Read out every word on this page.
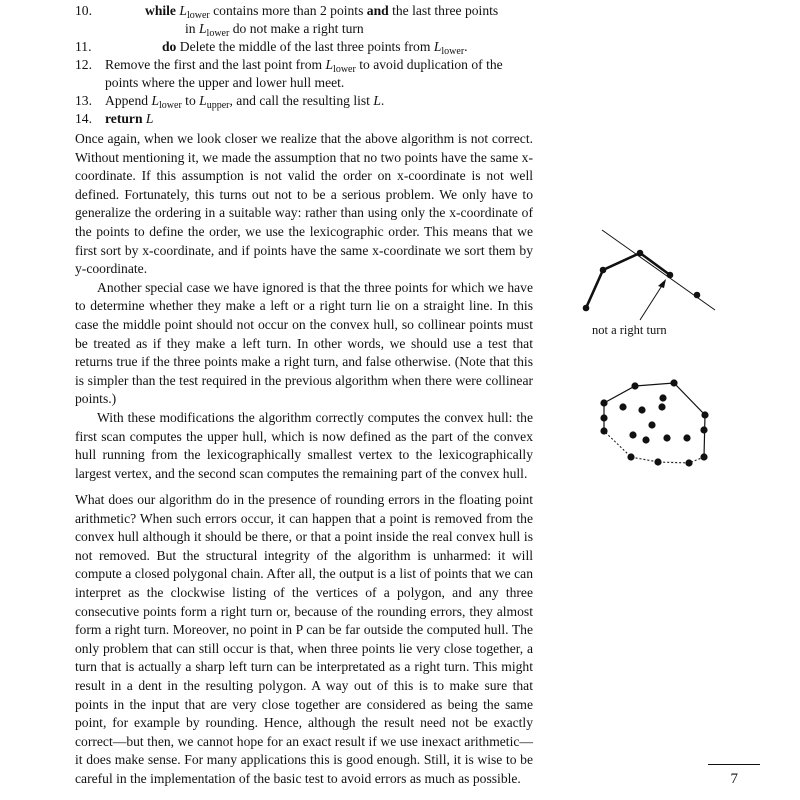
10.	while $L_{lower}$ contains more than 2 points and the last three points
in $L_{lower}$ do not make a right turn
11.	do Delete the middle of the last three points from $L_{lower}$.
12. Remove the first and the last point from $L_{lower}$ to avoid duplication of the
points where the upper and lower hull meet.
13. Append $L_{lower}$ to $L_{upper}$, and call the resulting list L.
14. return L

Once again, when we look closer we realize that the above algorithm is not correct. Without mentioning it, we made the assumption that no two points have the same x-coordinate. If this assumption is not valid the order on x-coordinate is not well defined. Fortunately, this turns out not to be a serious problem. We only have to generalize the ordering in a suitable way: rather than using only the x-coordinate of the points to define the order, we use the lexicographic order. This means that we first sort by x-coordinate, and if points have the same x-coordinate we sort them by y-coordinate.

Another special case we have ignored is that the three points for which we have to determine whether they make a left or a right turn lie on a straight line. In this case the middle point should not occur on the convex hull, so collinear points must be treated as if they make a left turn. In other words, we should use a test that returns true if the three points make a right turn, and false otherwise. (Note that this is simpler than the test required in the previous algorithm when there were collinear points.)

With these modifications the algorithm correctly computes the convex hull: the first scan computes the upper hull, which is now defined as the part of the convex hull running from the lexicographically smallest vertex to the lexicographically largest vertex, and the second scan computes the remaining part of the convex hull.

What does our algorithm do in the presence of rounding errors in the floating point arithmetic? When such errors occur, it can happen that a point is removed from the convex hull although it should be there, or that a point inside the real convex hull is not removed. But the structural integrity of the algorithm is unharmed: it will compute a closed polygonal chain. After all, the output is a list of points that we can interpret as the clockwise listing of the vertices of a polygon, and any three consecutive points form a right turn or, because of the rounding errors, they almost form a right turn. Moreover, no point in P can be far outside the computed hull. The only problem that can still occur is that, when three points lie very close together, a turn that is actually a sharp left turn can be interpretated as a right turn. This might result in a dent in the resulting polygon. A way out of this is to make sure that points in the input that are very close together are considered as being the same point, for example by rounding. Hence, although the result need not be exactly correct—but then, we cannot hope for an exact result if we use inexact arithmetic—it does make sense. For many applications this is good enough. Still, it is wise to be careful in the implementation of the basic test to avoid errors as much as possible.

not a right turn
7
